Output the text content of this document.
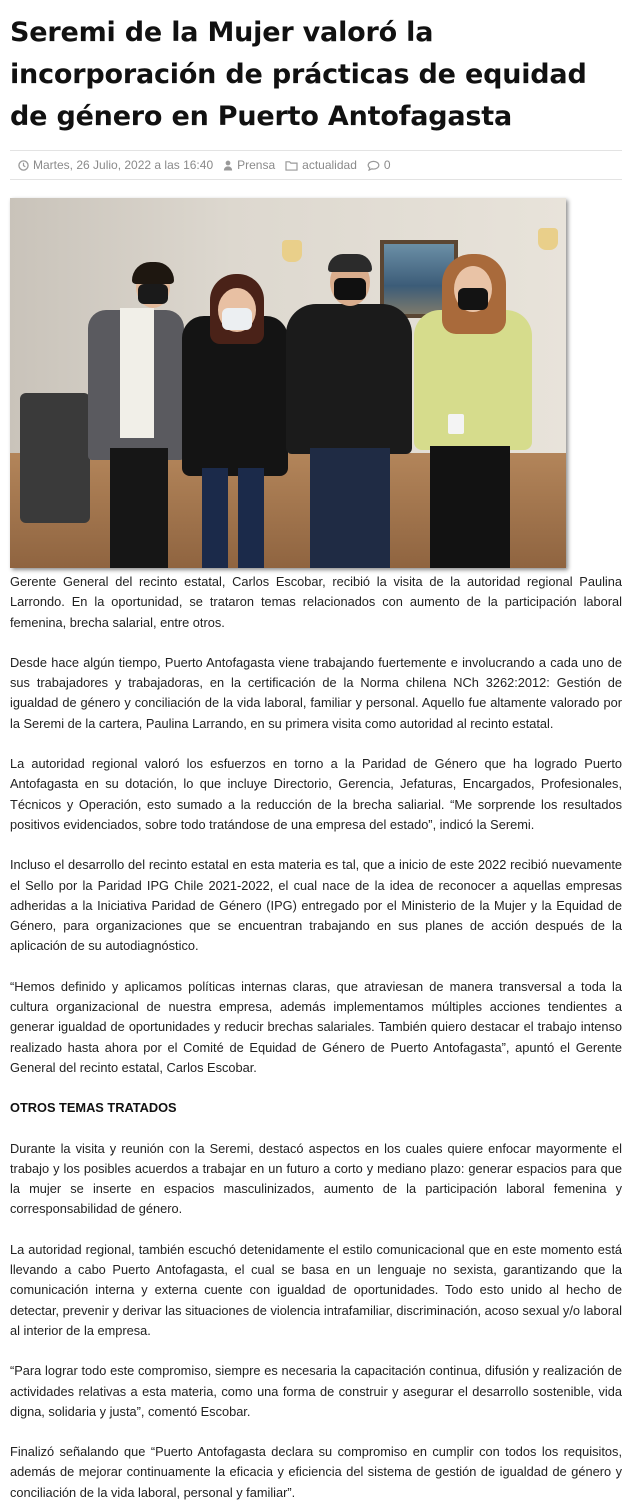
Seremi de la Mujer valoró la incorporación de prácticas de equidad de género en Puerto Antofagasta
Martes, 26 Julio, 2022 a las 16:40 Prensa actualidad 0

Gerente General del recinto estatal, Carlos Escobar, recibió la visita de la autoridad regional Paulina Larrondo. En la oportunidad, se trataron temas relacionados con aumento de la participación laboral femenina, brecha salarial, entre otros.

Desde hace algún tiempo, Puerto Antofagasta viene trabajando fuertemente e involucrando a cada uno de sus trabajadores y trabajadoras, en la certificación de la Norma chilena NCh 3262:2012: Gestión de igualdad de género y conciliación de la vida laboral, familiar y personal. Aquello fue altamente valorado por la Seremi de la cartera, Paulina Larrando, en su primera visita como autoridad al recinto estatal.

La autoridad regional valoró los esfuerzos en torno a la Paridad de Género que ha logrado Puerto Antofagasta en su dotación, lo que incluye Directorio, Gerencia, Jefaturas, Encargados, Profesionales, Técnicos y Operación, esto sumado a la reducción de la brecha saliarial. “Me sorprende los resultados positivos evidenciados, sobre todo tratándose de una empresa del estado”, indicó la Seremi.

Incluso el desarrollo del recinto estatal en esta materia es tal, que a inicio de este 2022 recibió nuevamente el Sello por la Paridad IPG Chile 2021-2022, el cual nace de la idea de reconocer a aquellas empresas adheridas a la Iniciativa Paridad de Género (IPG) entregado por el Ministerio de la Mujer y la Equidad de Género, para organizaciones que se encuentran trabajando en sus planes de acción después de la aplicación de su autodiagnóstico.

“Hemos definido y aplicamos políticas internas claras, que atraviesan de manera transversal a toda la cultura organizacional de nuestra empresa, además implementamos múltiples acciones tendientes a generar igualdad de oportunidades y reducir brechas salariales. También quiero destacar el trabajo intenso realizado hasta ahora por el Comité de Equidad de Género de Puerto Antofagasta”, apuntó el Gerente General del recinto estatal, Carlos Escobar.

OTROS TEMAS TRATADOS

Durante la visita y reunión con la Seremi, destacó aspectos en los cuales quiere enfocar mayormente el trabajo y los posibles acuerdos a trabajar en un futuro a corto y mediano plazo: generar espacios para que la mujer se inserte en espacios masculinizados, aumento de la participación laboral femenina y corresponsabilidad de género.

La autoridad regional, también escuchó detenidamente el estilo comunicacional que en este momento está llevando a cabo Puerto Antofagasta, el cual se basa en un lenguaje no sexista, garantizando que la comunicación interna y externa cuente con igualdad de oportunidades. Todo esto unido al hecho de detectar, prevenir y derivar las situaciones de violencia intrafamiliar, discriminación, acoso sexual y/o laboral al interior de la empresa.

“Para lograr todo este compromiso, siempre es necesaria la capacitación continua, difusión y realización de actividades relativas a esta materia, como una forma de construir y asegurar el desarrollo sostenible, vida digna, solidaria y justa”, comentó Escobar.

Finalizó señalando que “Puerto Antofagasta declara su compromiso en cumplir con todos los requisitos, además de mejorar continuamente la eficacia y eficiencia del sistema de gestión de igualdad de género y conciliación de la vida laboral, personal y familiar”.
